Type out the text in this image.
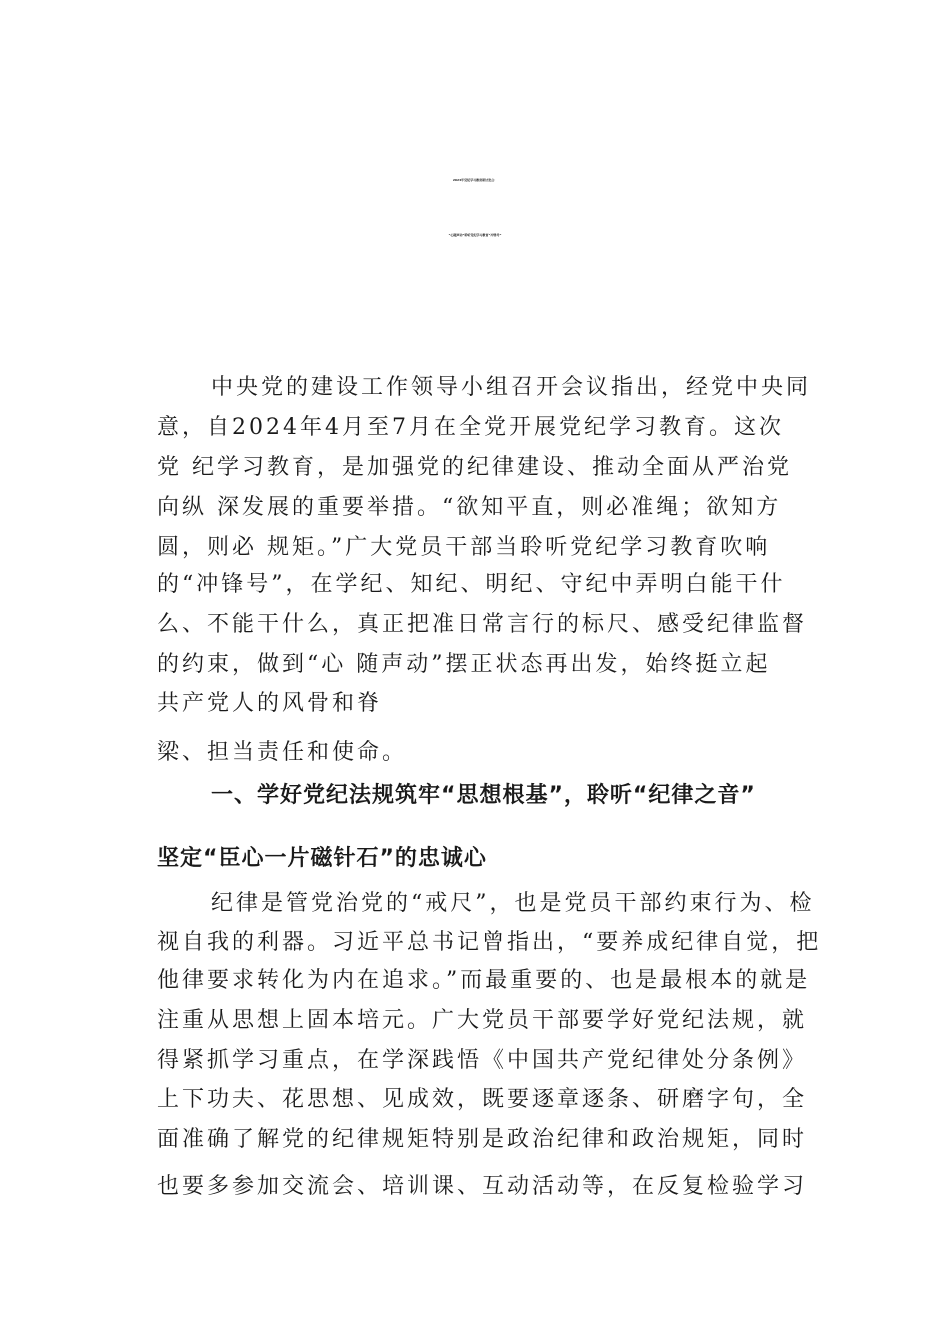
2024年党纪学习教育研讨发言：
“心随声动”聆听党纪学习教育“冲锋号”
中央党的建设工作领导小组召开会议指出，经党中央同
意，自2024年4月至7月在全党开展党纪学习教育。这次
党 纪学习教育，是加强党的纪律建设、推动全面从严治党
向纵 深发展的重要举措。“欲知平直，则必准绳；欲知方
圆，则必 规矩。”广大党员干部当聆听党纪学习教育吹响
的“冲锋号”，在学纪、知纪、明纪、守纪中弄明白能干什
么、不能干什么，真正把准日常言行的标尺、感受纪律监督
的约束，做到“心 随声动”摆正状态再出发，始终挺立起
共产党人的风骨和脊
梁、担当责任和使命。
一、学好党纪法规筑牢“思想根基”，聆听“纪律之音”
坚定“臣心一片磁针石”的忠诚心
纪律是管党治党的“戒尺”，也是党员干部约束行为、检
视自我的利器。习近平总书记曾指出，“要养成纪律自觉，把
他律要求转化为内在追求。”而最重要的、也是最根本的就是
注重从思想上固本培元。广大党员干部要学好党纪法规，就
得紧抓学习重点，在学深践悟《中国共产党纪律处分条例》
上下功夫、花思想、见成效，既要逐章逐条、研磨字句，全
面准确了解党的纪律规矩特别是政治纪律和政治规矩，同时
也要多参加交流会、培训课、互动活动等，在反复检验学习
